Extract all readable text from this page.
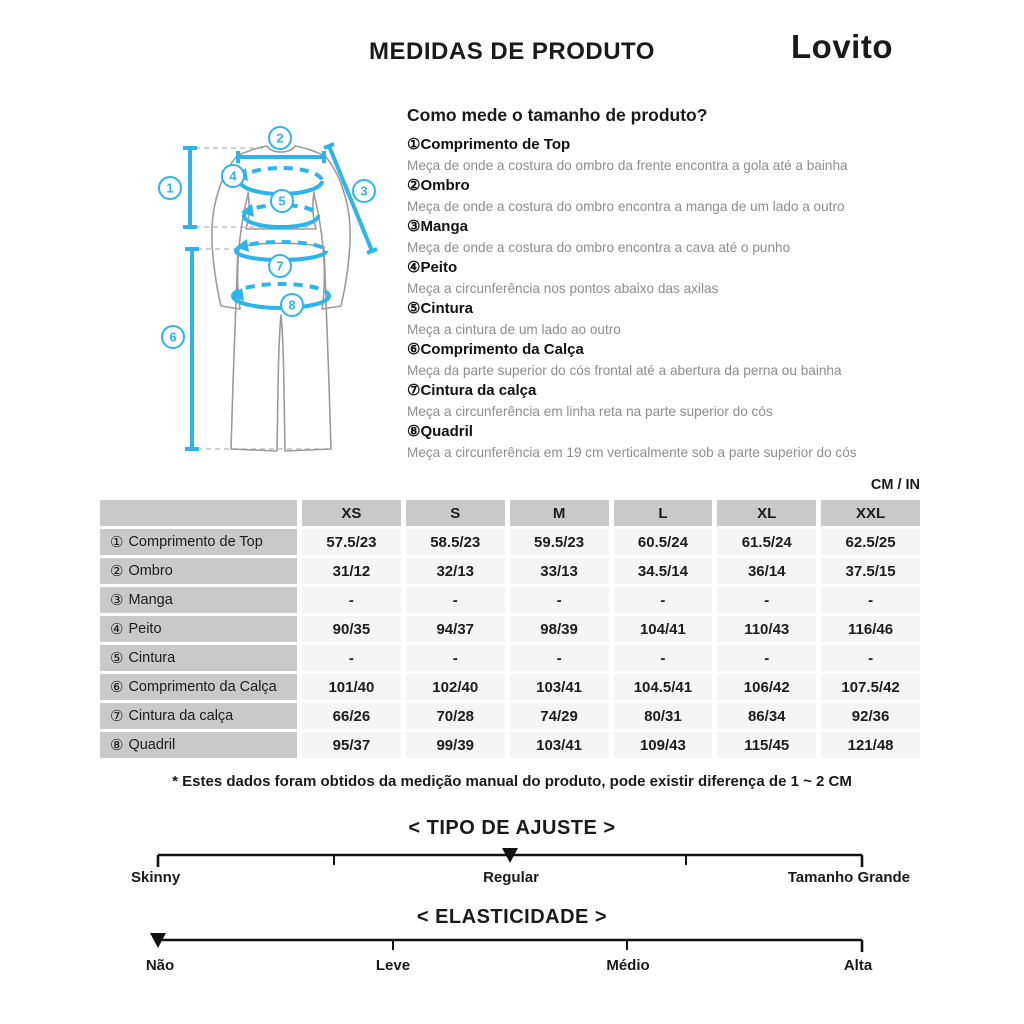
MEDIDAS DE PRODUTO	Lovito
1
2
3
4
5
6
7
8
Como mede o tamanho de produto?
①Comprimento de Top
Meça de onde a costura do ombro da frente encontra a gola até a bainha
②Ombro
Meça de onde a costura do ombro encontra a manga de um lado a outro
③Manga
Meça de onde a costura do ombro encontra a cava até o punho
④Peito
Meça a circunferência nos pontos abaixo das axilas
⑤Cintura
Meça a cintura de um lado ao outro
⑥Comprimento da Calça
Meça da parte superior do cós frontal até a abertura da perna ou bainha
⑦Cintura da calça
Meça a circunferência em linha reta na parte superior do cós
⑧Quadril
Meça a circunferência em 19 cm verticalmente sob a parte superior do cós
CM / IN
XS	S	M	L	XL	XXL
① Comprimento de Top	57.5/23	58.5/23	59.5/23	60.5/24	61.5/24	62.5/25
② Ombro	31/12	32/13	33/13	34.5/14	36/14	37.5/15
③ Manga	-	-	-	-	-	-
④ Peito	90/35	94/37	98/39	104/41	110/43	116/46
⑤ Cintura	-	-	-	-	-	-
⑥ Comprimento da Calça	101/40	102/40	103/41	104.5/41	106/42	107.5/42
⑦ Cintura da calça	66/26	70/28	74/29	80/31	86/34	92/36
⑧ Quadril	95/37	99/39	103/41	109/43	115/45	121/48
* Estes dados foram obtidos da medição manual do produto, pode existir diferença de 1 ~ 2 CM
< TIPO DE AJUSTE >
Skinny	Regular	Tamanho Grande
< ELASTICIDADE >
Não	Leve	Médio	Alta
